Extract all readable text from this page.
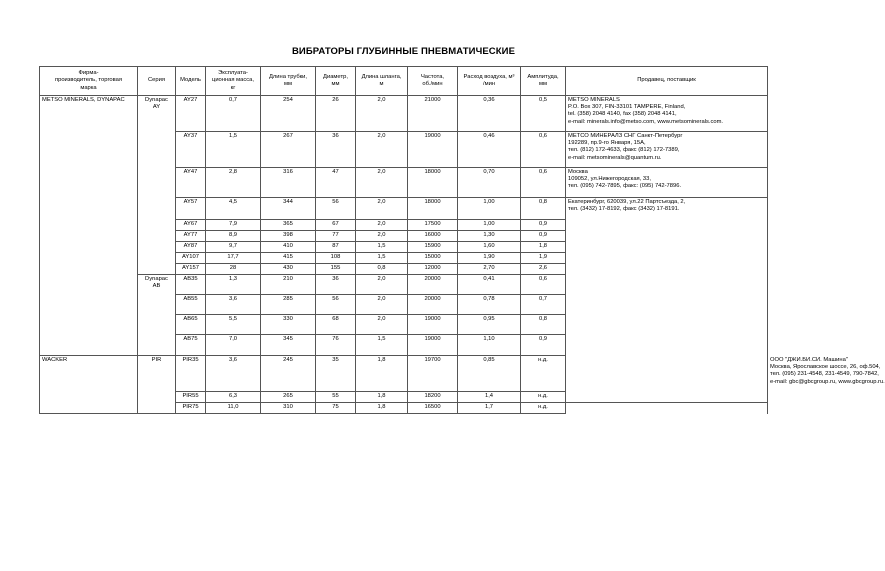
ВИБРАТОРЫ ГЛУБИННЫЕ ПНЕВМАТИЧЕСКИЕ
Фирма-
производитель, торговая
марка	Серия	Модель	Эксплуата-
ционная масса,
кг	Длина трубки,
мм	Диаметр,
мм	Длина шланга,
м	Частота,
об./мин	Расход воздуха, м³
/мин	Амплитуда,
мм	Продавец, поставщик	
METSO MINERALS, DYNAPAC	Dynapac
AY	AY27	0,7	254	26	2,0	21000	0,36	0,5	METSO MINERALS
P.O. Box 307, FIN-33101 TAMPERE, Finland,
tel. (358) 2048 4140, fax (358) 2048 4141,
e-mail: minerals.info@metso.com, www.metsominerals.com.	

		AY37	1,5	267	36	2,0	19000	0,46	0,6	МЕТСО МИНЕРАЛЗ СНГ Санкт-Петербург
192289, пр.9-го Января, 15А,
тел. (812) 172-4633, факс (812) 172-7389,
e-mail: metsominerals@quantum.ru.	

		AY47	2,8	316	47	2,0	18000	0,70	0,6	Москва
109052, ул.Нижегородская, 33,
тел. (095) 742-7895, факс: (095) 742-7896.	

		AY57	4,5	344	56	2,0	18000	1,00	0,8	Екатеринбург, 620039, ул.22 Партсъезда, 2,
тел. (3432) 17-8192, факс (3432) 17-8191.	

		AY67	7,9	365	67	2,0	17500	1,00	0,9		
		AY77	8,9	398	77	2,0	16000	1,30	0,9		
		AY87	9,7	410	87	1,5	15900	1,60	1,8		
		AY107	17,7	415	108	1,5	15000	1,90	1,9		
		AY157	28	430	155	0,8	12000	2,70	2,6		

	Dynapac
AB	AB35	1,3	210	36	2,0	20000	0,41	0,6		
		AB55	3,6	285	56	2,0	20000	0,78	0,7		
		AB65	5,5	330	68	2,0	19000	0,95	0,8		
		AB75	7,0	345	76	1,5	19000	1,10	0,9		
WACKER	PIR	PIR35	3,6	245	35	1,8	19700	0,85	н.д.		ООО "ДЖИ.БИ.СИ. Машина"
Москва, Ярославское шоссе, 26, оф.504,
тел. (095) 231-4548, 231-4549, 790-7842,
e-mail: gbc@gbcgroup.ru, www.gbcgroup.ru.

		PIR55	6,3	265	55	1,8	18200	1,4	н.д.		
		PIR75	11,0	310	75	1,8	16500	1,7	н.д.		
